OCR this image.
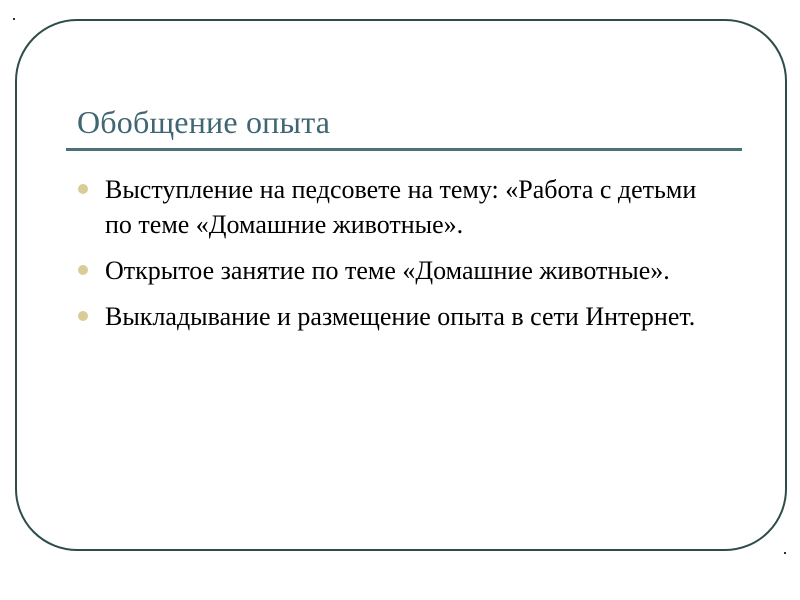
Обобщение опыта
Выступление на педсовете на тему: «Работа с детьми по теме «Домашние животные».
Открытое занятие по теме «Домашние животные».
Выкладывание и размещение опыта в сети Интернет.
